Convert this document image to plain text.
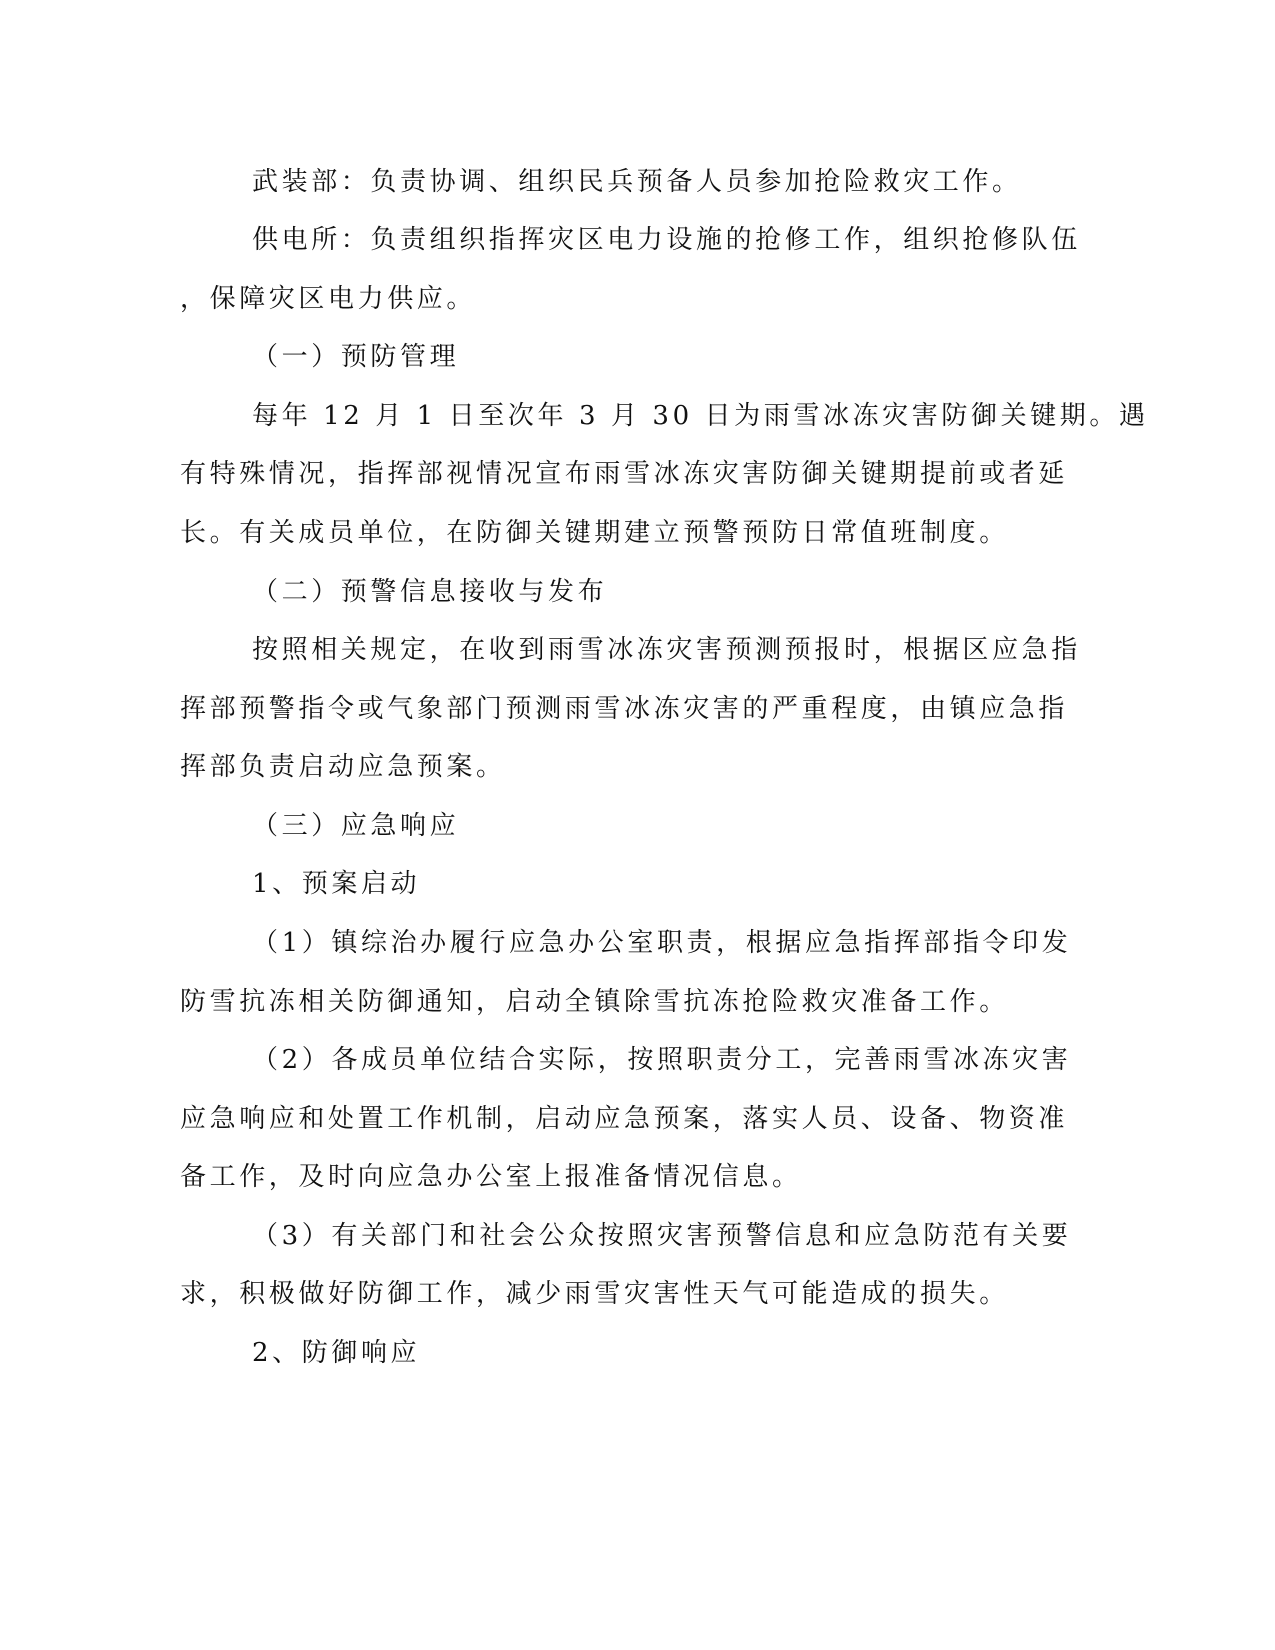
武装部：负责协调、组织民兵预备人员参加抢险救灾工作。
供电所：负责组织指挥灾区电力设施的抢修工作，组织抢修队伍
，保障灾区电力供应。
（一）预防管理
每年 12 月 1 日至次年 3 月 30 日为雨雪冰冻灾害防御关键期。遇
有特殊情况，指挥部视情况宣布雨雪冰冻灾害防御关键期提前或者延
长。有关成员单位，在防御关键期建立预警预防日常值班制度。
（二）预警信息接收与发布
按照相关规定，在收到雨雪冰冻灾害预测预报时，根据区应急指
挥部预警指令或气象部门预测雨雪冰冻灾害的严重程度，由镇应急指
挥部负责启动应急预案。
（三）应急响应
1、预案启动
（1）镇综治办履行应急办公室职责，根据应急指挥部指令印发
防雪抗冻相关防御通知，启动全镇除雪抗冻抢险救灾准备工作。
（2）各成员单位结合实际，按照职责分工，完善雨雪冰冻灾害
应急响应和处置工作机制，启动应急预案，落实人员、设备、物资准
备工作，及时向应急办公室上报准备情况信息。
（3）有关部门和社会公众按照灾害预警信息和应急防范有关要
求，积极做好防御工作，减少雨雪灾害性天气可能造成的损失。
2、防御响应
